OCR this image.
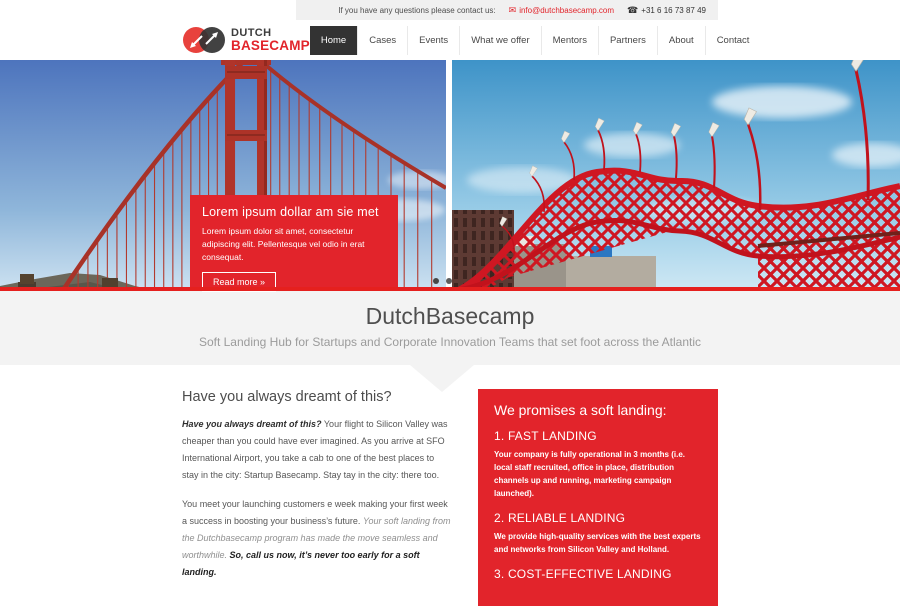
If you have any questions please contact us: ✉ info@dutchbasecamp.com ☎ +31 6 16 73 87 49
DUTCH
BASECAMP	Home	Cases	Events	What we offer	Mentors	Partners	About	Contact
Lorem ipsum dollar am sie met

Lorem ipsum dolor sit amet, consectetur adipiscing elit. Pellentesque vel odio in erat consequat.

Read more »
DutchBasecamp

Soft Landing Hub for Startups and Corporate Innovation Teams that set foot across the Atlantic

Have you always dreamt of this?

Have you always dreamt of this? Your flight to Silicon Valley was cheaper than you could have ever imagined. As you arrive at SFO International Airport, you take a cab to one of the best places to stay in the city: Startup Basecamp. Stay tay in the city: there too.

You meet your launching customers e week making your first week a success in boosting your business’s future. Your soft landing from the Dutchbasecamp program has made the move seamless and worthwhile. So, call us now, it’s never too early for a soft landing.

We promises a soft landing:
1. FAST LANDING

Your company is fully operational in 3 months (i.e. local staff recruited, office in place, distribution channels up and running, marketing campaign launched).

2. RELIABLE LANDING

We provide high-quality services with the best experts and networks from Silicon Valley and Holland.

3. COST-EFFECTIVE LANDING
